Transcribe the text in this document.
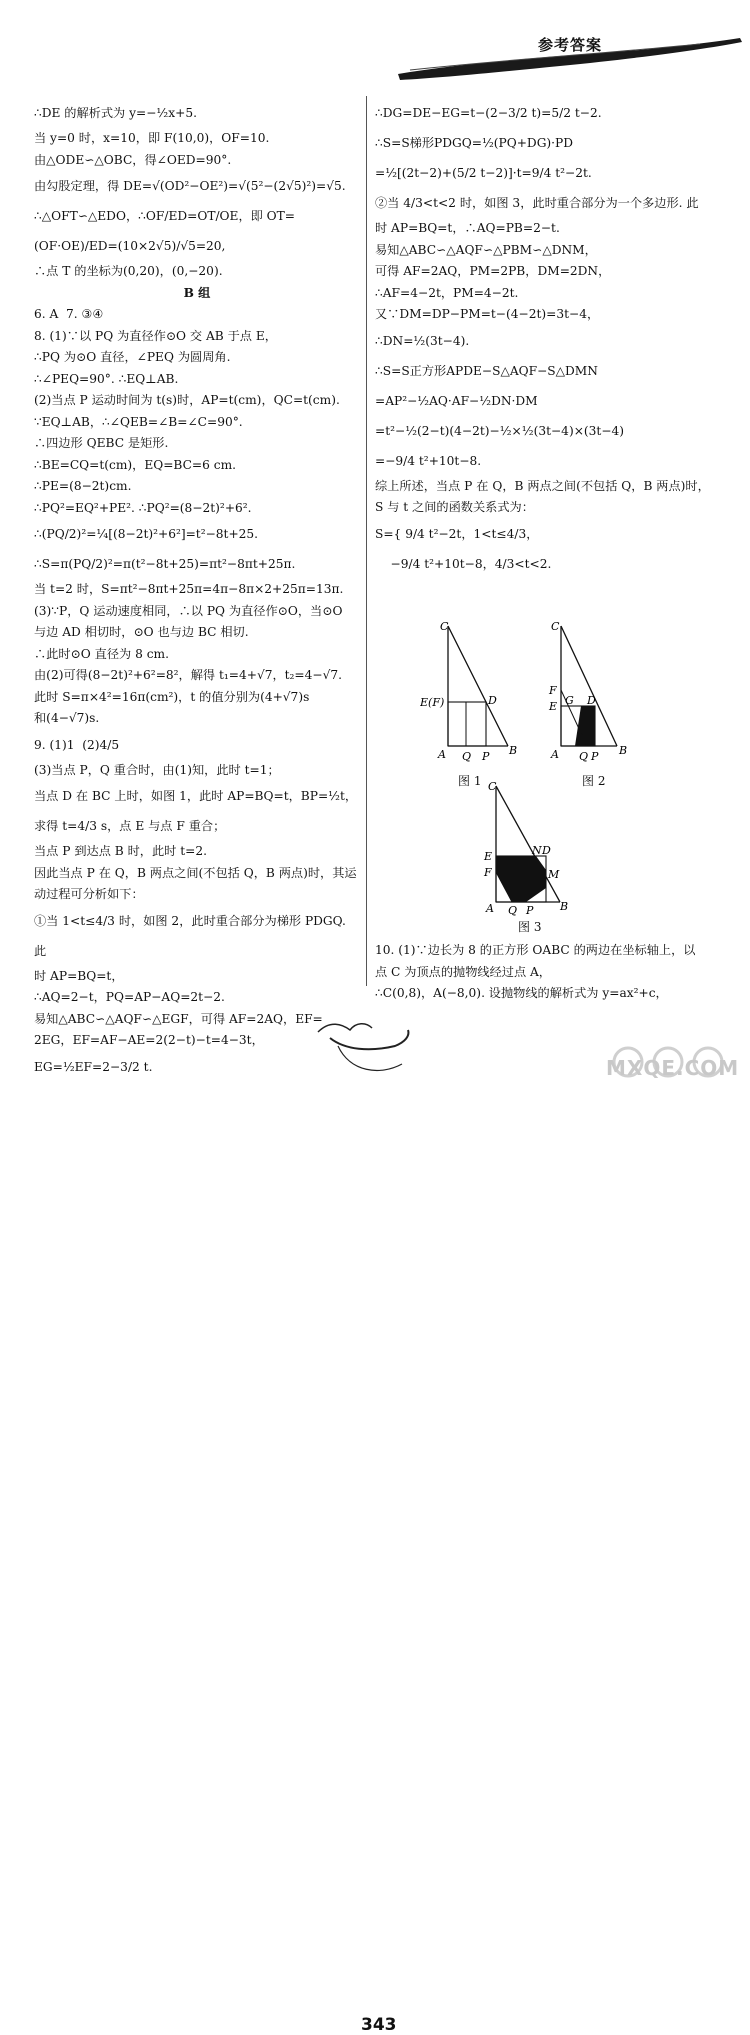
参考答案

∴DE 的解析式为 y=−½x+5.

当 y=0 时，x=10，即 F(10,0)，OF=10.

由△ODE∽△OBC，得∠OED=90°.

由勾股定理，得 DE=√(OD²−OE²)=√(5²−(2√5)²)=√5.

∴△OFT∽△EDO，∴OF/ED=OT/OE，即 OT=(OF·OE)/ED=(10×2√5)/√5=20,

∴点 T 的坐标为(0,20)，(0,−20).

B 组

6. A  7. ③④

8. (1)∵以 PQ 为直径作⊙O 交 AB 于点 E，

∴PQ 为⊙O 直径，∠PEQ 为圆周角.

∴∠PEQ=90°. ∴EQ⊥AB.

(2)当点 P 运动时间为 t(s)时，AP=t(cm)，QC=t(cm).

∵EQ⊥AB，∴∠QEB=∠B=∠C=90°.

∴四边形 QEBC 是矩形.

∴BE=CQ=t(cm)，EQ=BC=6 cm.

∴PE=(8−2t)cm.

∴PQ²=EQ²+PE². ∴PQ²=(8−2t)²+6².

∴(PQ/2)²=¼[(8−2t)²+6²]=t²−8t+25.

∴S=π(PQ/2)²=π(t²−8t+25)=πt²−8πt+25π.

当 t=2 时，S=πt²−8πt+25π=4π−8π×2+25π=13π.

(3)∵P，Q 运动速度相同，∴以 PQ 为直径作⊙O，当⊙O

与边 AD 相切时，⊙O 也与边 BC 相切.

∴此时⊙O 直径为 8 cm.

由(2)可得(8−2t)²+6²=8²，解得 t₁=4+√7，t₂=4−√7.

此时 S=π×4²=16π(cm²)，t 的值分别为(4+√7)s

和(4−√7)s.

9. (1)1  (2)4/5

(3)当点 P，Q 重合时，由(1)知，此时 t=1；

当点 D 在 BC 上时，如图 1，此时 AP=BQ=t，BP=½t，

求得 t=4/3 s，点 E 与点 F 重合；

当点 P 到达点 B 时，此时 t=2.

因此当点 P 在 Q，B 两点之间(不包括 Q，B 两点)时，其运

动过程可分析如下：

①当 1<t≤4/3 时，如图 2，此时重合部分为梯形 PDGQ. 此

时 AP=BQ=t，

∴AQ=2−t，PQ=AP−AQ=2t−2.

易知△ABC∽△AQF∽△EGF，可得 AF=2AQ，EF=

2EG，EF=AF−AE=2(2−t)−t=4−3t，

EG=½EF=2−3/2 t.

∴DG=DE−EG=t−(2−3/2 t)=5/2 t−2.

∴S=S梯形PDGQ=½(PQ+DG)·PD

=½[(2t−2)+(5/2 t−2)]·t=9/4 t²−2t.

②当 4/3<t<2 时，如图 3，此时重合部分为一个多边形. 此

时 AP=BQ=t，∴AQ=PB=2−t.

易知△ABC∽△AQF∽△PBM∽△DNM，

可得 AF=2AQ，PM=2PB，DM=2DN，

∴AF=4−2t，PM=4−2t.

又∵DM=DP−PM=t−(4−2t)=3t−4，

∴DN=½(3t−4).

∴S=S正方形APDE−S△AQF−S△DMN

=AP²−½AQ·AF−½DN·DM

=t²−½(2−t)(4−2t)−½×½(3t−4)×(3t−4)

=−9/4 t²+10t−8.

综上所述，当点 P 在 Q，B 两点之间(不包括 Q，B 两点)时，

S 与 t 之间的函数关系式为：

S={ 9/4 t²−2t，1<t≤4/3，

−9/4 t²+10t−8，4/3<t<2.

C
E(F)	D
A Q P B
图 1
C
F
E G D
A Q P B
图 2
C
N D
E
F	M
A Q P B
图 3

10. (1)∵边长为 8 的正方形 OABC 的两边在坐标轴上，以

点 C 为顶点的抛物线经过点 A，

∴C(0,8)，A(−8,0). 设抛物线的解析式为 y=ax²+c，

343
MXQE.COM
